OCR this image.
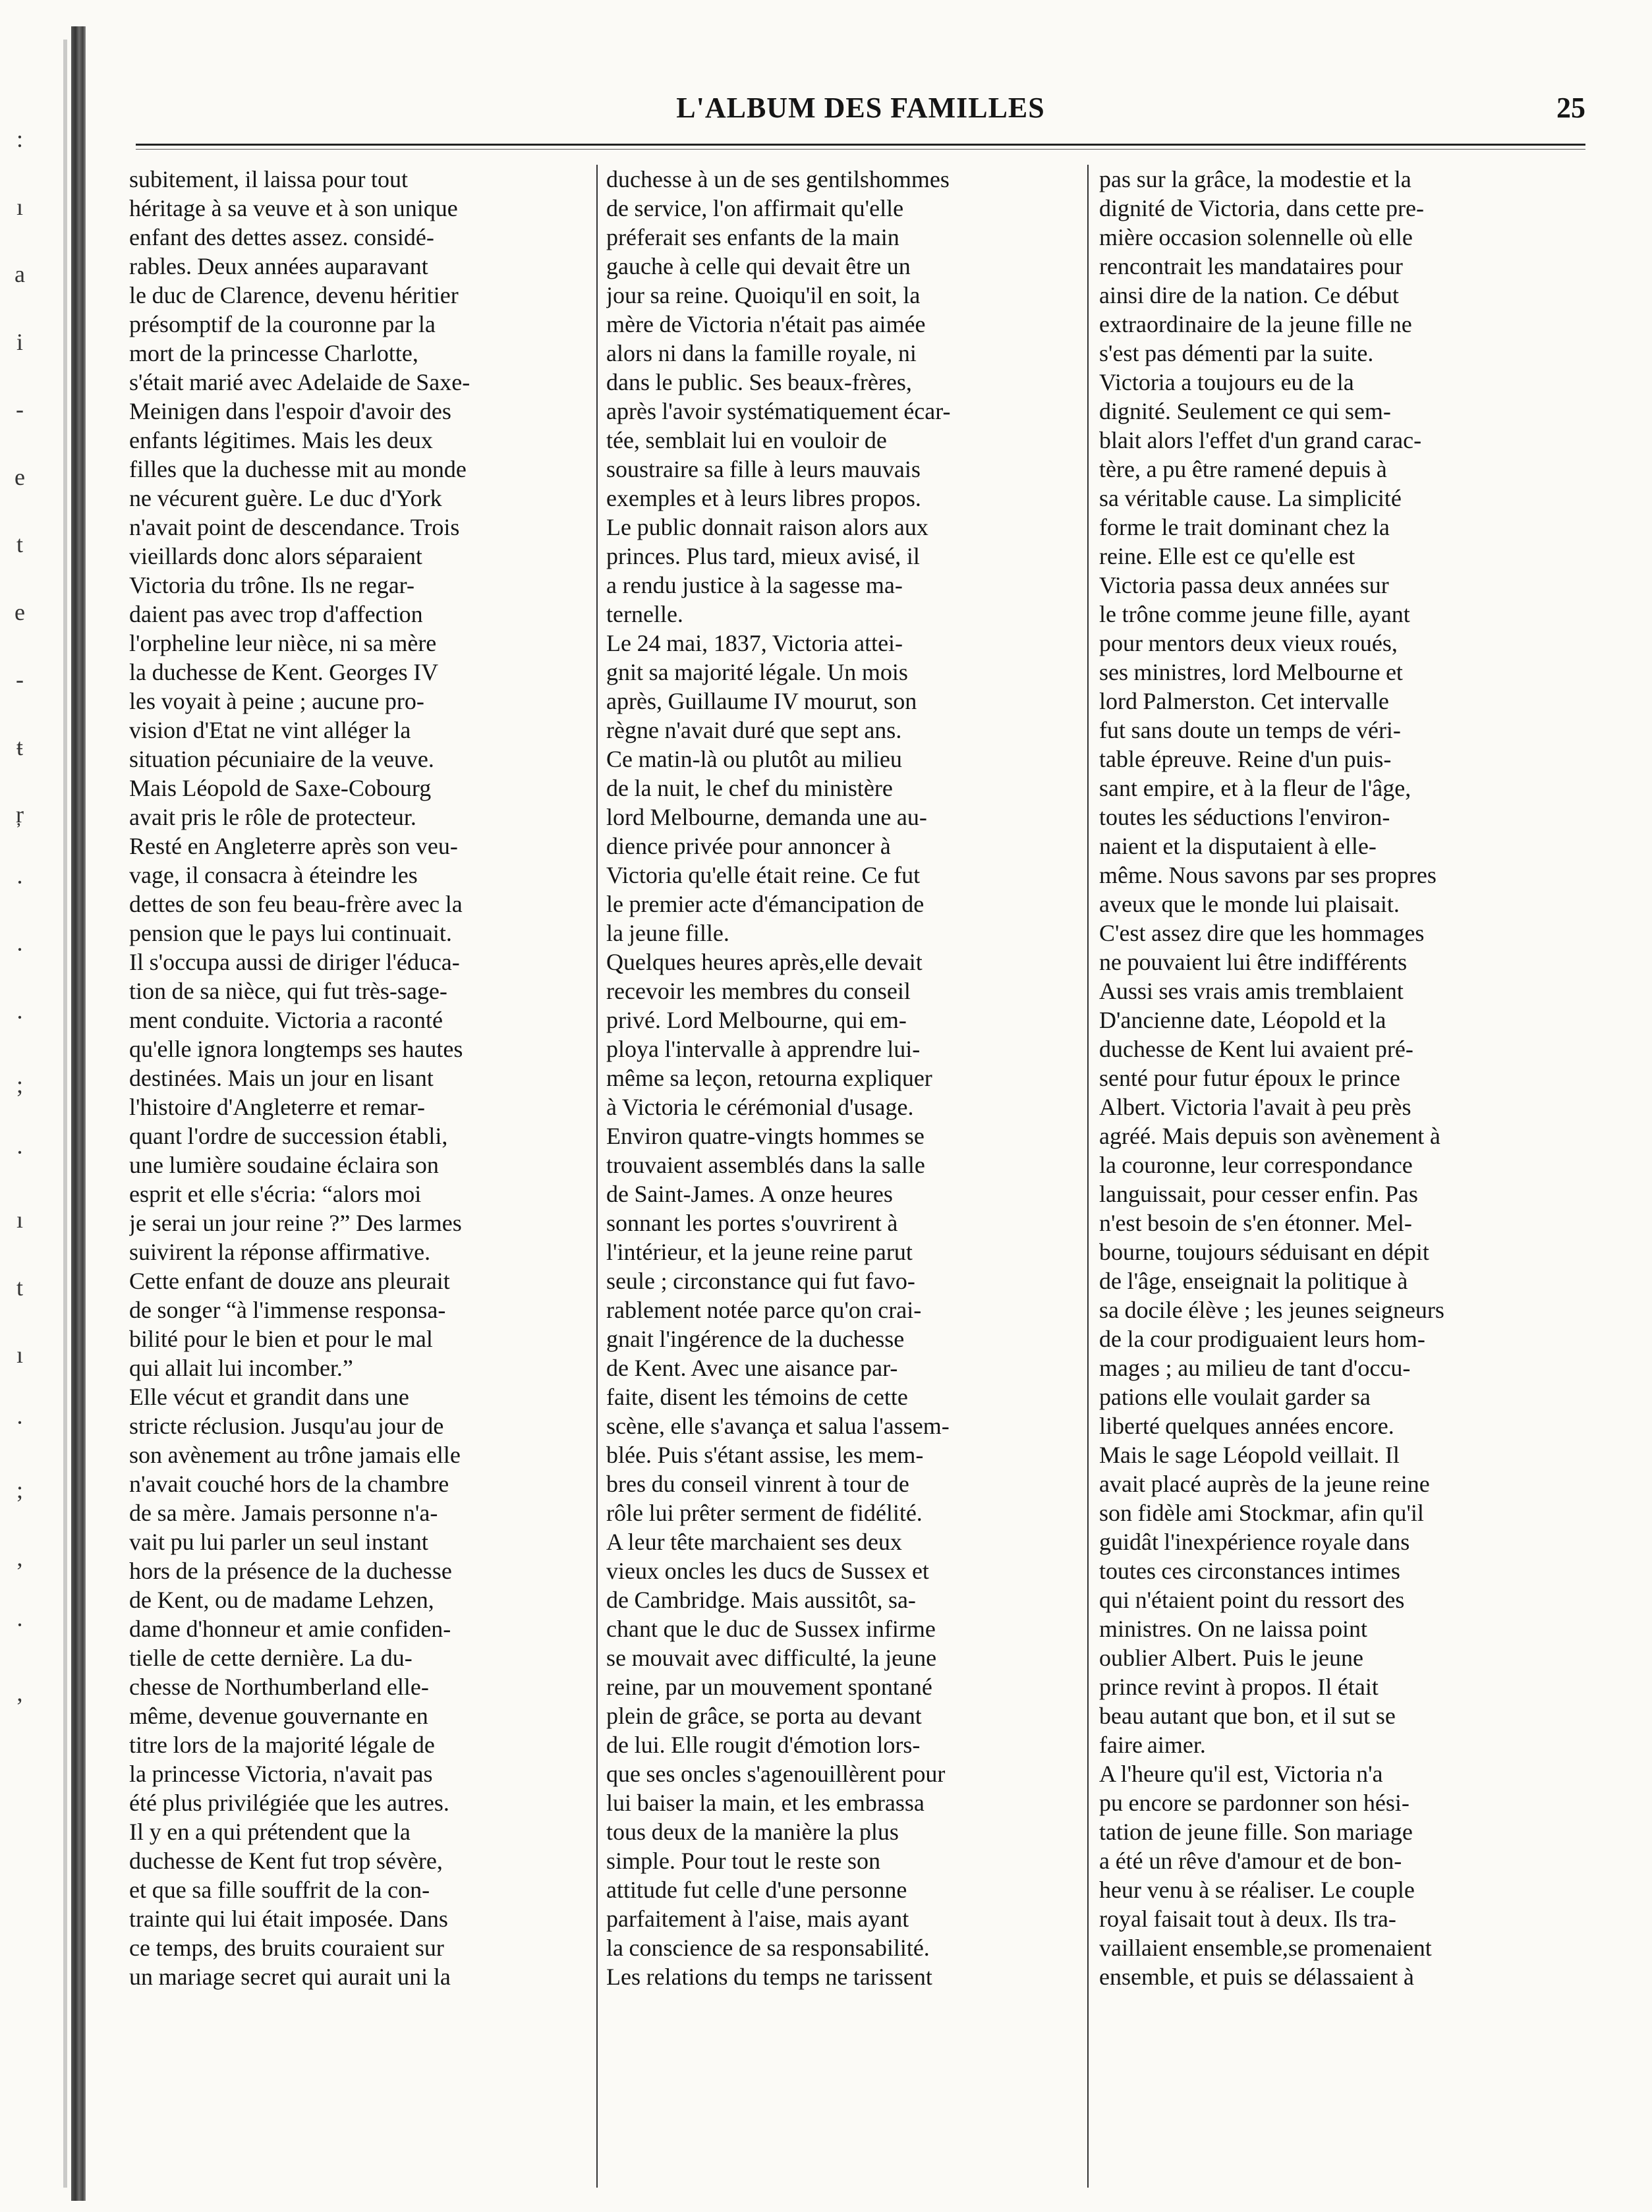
:
ı
a
i
-
e
t
e
-
ŧ
ŗ
·
·
·
;
·
ı
t
ı
·
;
,
·
,
L'ALBUM DES FAMILLES	25
subitement, il laissa pour tout
héritage à sa veuve et à son unique
enfant des dettes assez. considé-
rables. Deux années auparavant
le duc de Clarence, devenu héritier
présomptif de la couronne par la
mort de la princesse Charlotte,
s'était marié avec Adelaide de Saxe-
Meinigen dans l'espoir d'avoir des
enfants légitimes. Mais les deux
filles que la duchesse mit au monde
ne vécurent guère. Le duc d'York
n'avait point de descendance. Trois
vieillards donc alors séparaient
Victoria du trône. Ils ne regar-
daient pas avec trop d'affection
l'orpheline leur nièce, ni sa mère
la duchesse de Kent. Georges IV
les voyait à peine ; aucune pro-
vision d'Etat ne vint alléger la
situation pécuniaire de la veuve.
Mais Léopold de Saxe-Cobourg
avait pris le rôle de protecteur.
Resté en Angleterre après son veu-
vage, il consacra à éteindre les
dettes de son feu beau-frère avec la
pension que le pays lui continuait.
Il s'occupa aussi de diriger l'éduca-
tion de sa nièce, qui fut très-sage-
ment conduite. Victoria a raconté
qu'elle ignora longtemps ses hautes
destinées. Mais un jour en lisant
l'histoire d'Angleterre et remar-
quant l'ordre de succession établi,
une lumière soudaine éclaira son
esprit et elle s'écria: “alors moi
je serai un jour reine ?” Des larmes
suivirent la réponse affirmative.
Cette enfant de douze ans pleurait
de songer “à l'immense responsa-
bilité pour le bien et pour le mal
qui allait lui incomber.”
Elle vécut et grandit dans une
stricte réclusion. Jusqu'au jour de
son avènement au trône jamais elle
n'avait couché hors de la chambre
de sa mère. Jamais personne n'a-
vait pu lui parler un seul instant
hors de la présence de la duchesse
de Kent, ou de madame Lehzen,
dame d'honneur et amie confiden-
tielle de cette dernière. La du-
chesse de Northumberland elle-
même, devenue gouvernante en
titre lors de la majorité légale de
la princesse Victoria, n'avait pas
été plus privilégiée que les autres.
Il y en a qui prétendent que la
duchesse de Kent fut trop sévère,
et que sa fille souffrit de la con-
trainte qui lui était imposée. Dans
ce temps, des bruits couraient sur
un mariage secret qui aurait uni la
duchesse à un de ses gentilshommes
de service, l'on affirmait qu'elle
préferait ses enfants de la main
gauche à celle qui devait être un
jour sa reine. Quoiqu'il en soit, la
mère de Victoria n'était pas aimée
alors ni dans la famille royale, ni
dans le public. Ses beaux-frères,
après l'avoir systématiquement écar-
tée, semblait lui en vouloir de
soustraire sa fille à leurs mauvais
exemples et à leurs libres propos.
Le public donnait raison alors aux
princes. Plus tard, mieux avisé, il
a rendu justice à la sagesse ma-
ternelle.
Le 24 mai, 1837, Victoria attei-
gnit sa majorité légale. Un mois
après, Guillaume IV mourut, son
règne n'avait duré que sept ans.
Ce matin-là ou plutôt au milieu
de la nuit, le chef du ministère
lord Melbourne, demanda une au-
dience privée pour annoncer à
Victoria qu'elle était reine. Ce fut
le premier acte d'émancipation de
la jeune fille.
Quelques heures après,elle devait
recevoir les membres du conseil
privé. Lord Melbourne, qui em-
ploya l'intervalle à apprendre lui-
même sa leçon, retourna expliquer
à Victoria le cérémonial d'usage.
Environ quatre-vingts hommes se
trouvaient assemblés dans la salle
de Saint-James. A onze heures
sonnant les portes s'ouvrirent à
l'intérieur, et la jeune reine parut
seule ; circonstance qui fut favo-
rablement notée parce qu'on crai-
gnait l'ingérence de la duchesse
de Kent. Avec une aisance par-
faite, disent les témoins de cette
scène, elle s'avança et salua l'assem-
blée. Puis s'étant assise, les mem-
bres du conseil vinrent à tour de
rôle lui prêter serment de fidélité.
A leur tête marchaient ses deux
vieux oncles les ducs de Sussex et
de Cambridge. Mais aussitôt, sa-
chant que le duc de Sussex infirme
se mouvait avec difficulté, la jeune
reine, par un mouvement spontané
plein de grâce, se porta au devant
de lui. Elle rougit d'émotion lors-
que ses oncles s'agenouillèrent pour
lui baiser la main, et les embrassa
tous deux de la manière la plus
simple. Pour tout le reste son
attitude fut celle d'une personne
parfaitement à l'aise, mais ayant
la conscience de sa responsabilité.
Les relations du temps ne tarissent
pas sur la grâce, la modestie et la
dignité de Victoria, dans cette pre-
mière occasion solennelle où elle
rencontrait les mandataires pour
ainsi dire de la nation. Ce début
extraordinaire de la jeune fille ne
s'est pas démenti par la suite.
Victoria a toujours eu de la
dignité. Seulement ce qui sem-
blait alors l'effet d'un grand carac-
tère, a pu être ramené depuis à
sa véritable cause. La simplicité
forme le trait dominant chez la
reine. Elle est ce qu'elle est
Victoria passa deux années sur
le trône comme jeune fille, ayant
pour mentors deux vieux roués,
ses ministres, lord Melbourne et
lord Palmerston. Cet intervalle
fut sans doute un temps de véri-
table épreuve. Reine d'un puis-
sant empire, et à la fleur de l'âge,
toutes les séductions l'environ-
naient et la disputaient à elle-
même. Nous savons par ses propres
aveux que le monde lui plaisait.
C'est assez dire que les hommages
ne pouvaient lui être indifférents
Aussi ses vrais amis tremblaient
D'ancienne date, Léopold et la
duchesse de Kent lui avaient pré-
senté pour futur époux le prince
Albert. Victoria l'avait à peu près
agréé. Mais depuis son avènement à
la couronne, leur correspondance
languissait, pour cesser enfin. Pas
n'est besoin de s'en étonner. Mel-
bourne, toujours séduisant en dépit
de l'âge, enseignait la politique à
sa docile élève ; les jeunes seigneurs
de la cour prodiguaient leurs hom-
mages ; au milieu de tant d'occu-
pations elle voulait garder sa
liberté quelques années encore.
Mais le sage Léopold veillait. Il
avait placé auprès de la jeune reine
son fidèle ami Stockmar, afin qu'il
guidât l'inexpérience royale dans
toutes ces circonstances intimes
qui n'étaient point du ressort des
ministres. On ne laissa point
oublier Albert. Puis le jeune
prince revint à propos. Il était
beau autant que bon, et il sut se
faire aimer.
A l'heure qu'il est, Victoria n'a
pu encore se pardonner son hési-
tation de jeune fille. Son mariage
a été un rêve d'amour et de bon-
heur venu à se réaliser. Le couple
royal faisait tout à deux. Ils tra-
vaillaient ensemble,se promenaient
ensemble, et puis se délassaient à
